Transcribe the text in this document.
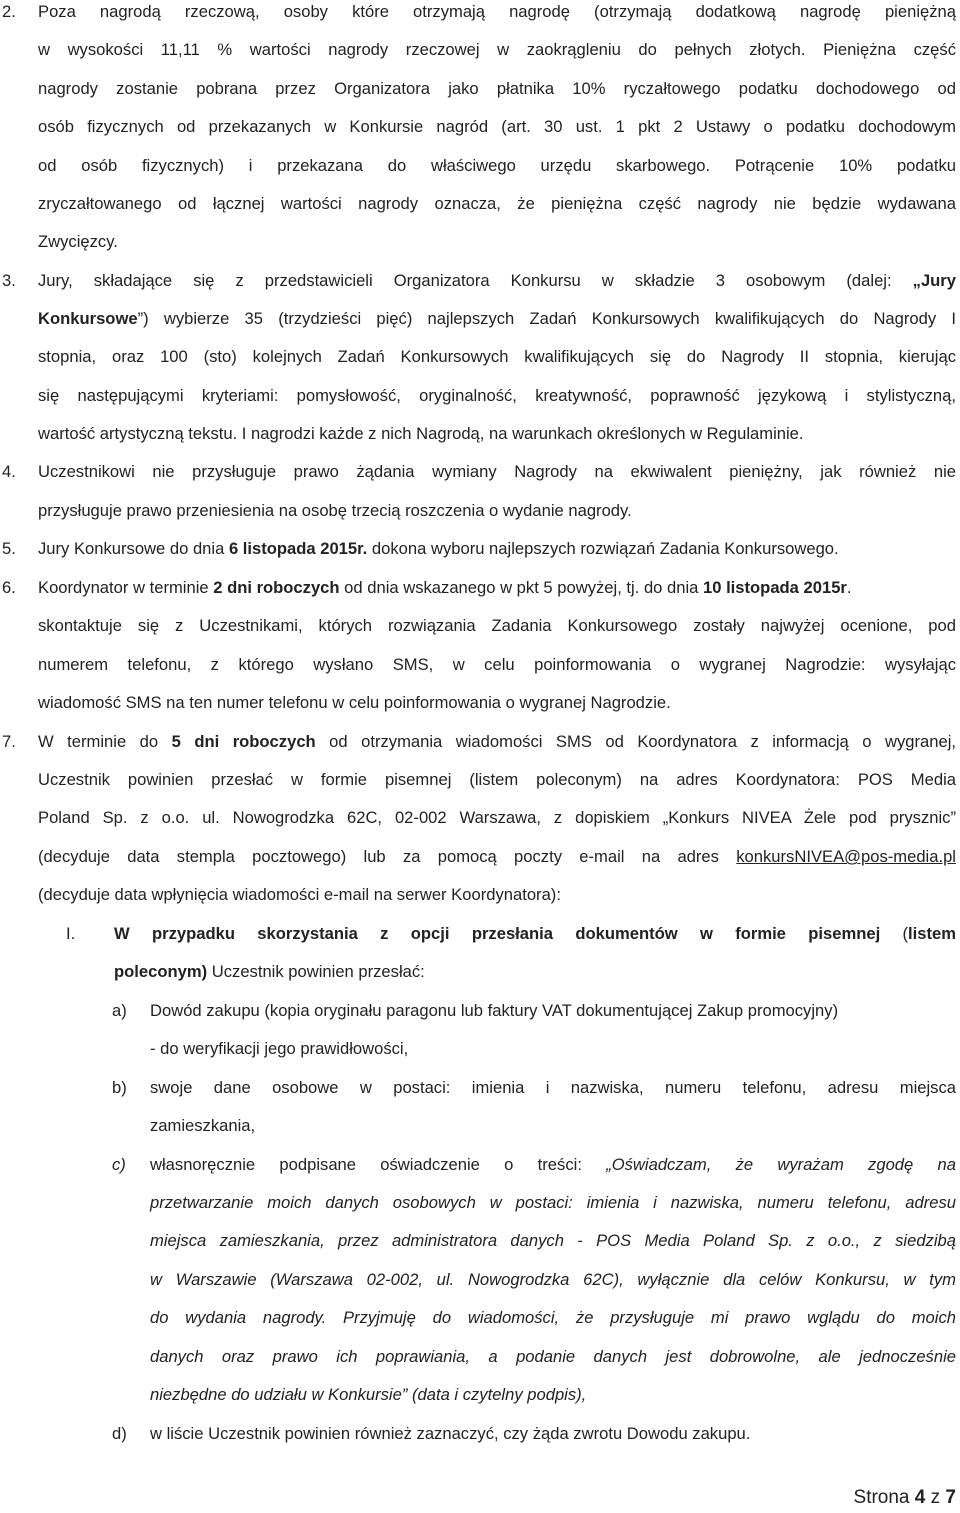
2. Poza nagrodą rzeczową, osoby które otrzymają nagrodę (otrzymają dodatkową nagrodę pieniężną
w wysokości 11,11 % wartości nagrody rzeczowej w zaokrągleniu do pełnych złotych. Pieniężna część
nagrody zostanie pobrana przez Organizatora jako płatnika 10% ryczałtowego podatku dochodowego od
osób fizycznych od przekazanych w Konkursie nagród (art. 30 ust. 1 pkt 2 Ustawy o podatku dochodowym
od osób fizycznych) i przekazana do właściwego urzędu skarbowego. Potrącenie 10% podatku
zryczałtowanego od łącznej wartości nagrody oznacza, że pieniężna część nagrody nie będzie wydawana
Zwycięzcy.
3. Jury, składające się z przedstawicieli Organizatora Konkursu w składzie 3 osobowym (dalej: „Jury
Konkursowe”) wybierze 35 (trzydzieści pięć) najlepszych Zadań Konkursowych kwalifikujących do Nagrody I
stopnia, oraz 100 (sto) kolejnych Zadań Konkursowych kwalifikujących się do Nagrody II stopnia, kierując
się następującymi kryteriami: pomysłowość, oryginalność, kreatywność, poprawność językową i stylistyczną,
wartość artystyczną tekstu. I nagrodzi każde z nich Nagrodą, na warunkach określonych w Regulaminie.
4. Uczestnikowi nie przysługuje prawo żądania wymiany Nagrody na ekwiwalent pieniężny, jak również nie
przysługuje prawo przeniesienia na osobę trzecią roszczenia o wydanie nagrody.
5. Jury Konkursowe do dnia 6 listopada 2015r. dokona wyboru najlepszych rozwiązań Zadania Konkursowego.
6. Koordynator w terminie 2 dni roboczych od dnia wskazanego w pkt 5 powyżej, tj. do dnia 10 listopada 2015r.
skontaktuje się z Uczestnikami, których rozwiązania Zadania Konkursowego zostały najwyżej ocenione, pod
numerem telefonu, z którego wysłano SMS, w celu poinformowania o wygranej Nagrodzie: wysyłając
wiadomość SMS na ten numer telefonu w celu poinformowania o wygranej Nagrodzie.
7. W terminie do 5 dni roboczych od otrzymania wiadomości SMS od Koordynatora z informacją o wygranej,
Uczestnik powinien przesłać w formie pisemnej (listem poleconym) na adres Koordynatora: POS Media
Poland Sp. z o.o. ul. Nowogrodzka 62C, 02-002 Warszawa, z dopiskiem „Konkurs NIVEA Żele pod prysznic”
(decyduje data stempla pocztowego) lub za pomocą poczty e-mail na adres konkursNIVEA@pos-media.pl
(decyduje data wpłynięcia wiadomości e-mail na serwer Koordynatora):
I. W przypadku skorzystania z opcji przesłania dokumentów w formie pisemnej (listem
poleconym) Uczestnik powinien przesłać:
a) Dowód zakupu (kopia oryginału paragonu lub faktury VAT dokumentującej Zakup promocyjny)
- do weryfikacji jego prawidłowości,
b) swoje dane osobowe w postaci: imienia i nazwiska, numeru telefonu, adresu miejsca
zamieszkania,
c) własnoręcznie podpisane oświadczenie o treści: „Oświadczam, że wyrażam zgodę na
przetwarzanie moich danych osobowych w postaci: imienia i nazwiska, numeru telefonu, adresu
miejsca zamieszkania, przez administratora danych - POS Media Poland Sp. z o.o., z siedzibą
w Warszawie (Warszawa 02-002, ul. Nowogrodzka 62C), wyłącznie dla celów Konkursu, w tym
do wydania nagrody. Przyjmuję do wiadomości, że przysługuje mi prawo wglądu do moich
danych oraz prawo ich poprawiania, a podanie danych jest dobrowolne, ale jednocześnie
niezbędne do udziału w Konkursie” (data i czytelny podpis),
d) w liście Uczestnik powinien również zaznaczyć, czy żąda zwrotu Dowodu zakupu.
Strona 4 z 7
